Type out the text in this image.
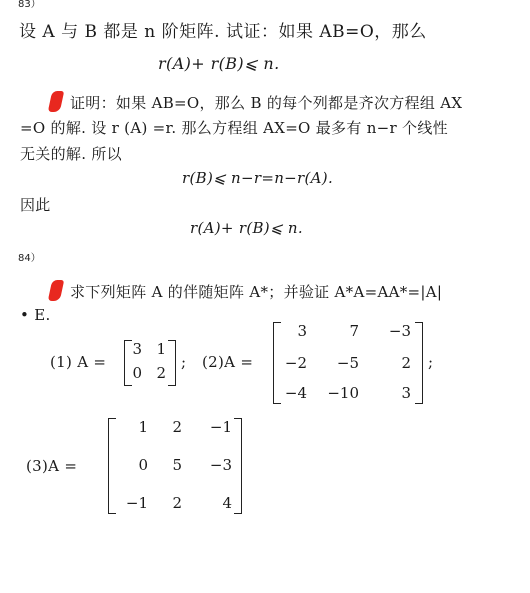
83）
设 A 与 B 都是 n 阶矩阵. 试证：如果 AB=O，那么
r(A)+ r(B)⩽ n.
证明：如果 AB=O，那么 B 的每个列都是齐次方程组 AX
=O 的解. 设 r (A) =r. 那么方程组 AX=O 最多有 n−r 个线性
无关的解. 所以
r(B)⩽ n−r=n−r(A).
因此
r(A)+ r(B)⩽ n.
84）
求下列矩阵 A 的伴随矩阵 A*；并验证 A*A=AA*=|A|
• E.
(1) A =
3 1
0 2
; (2)A =
3	7	−3
−2	−5	2
−4 −10	3
;
(3)A =
1	2	−1
0	5	−3
−1	2	4
